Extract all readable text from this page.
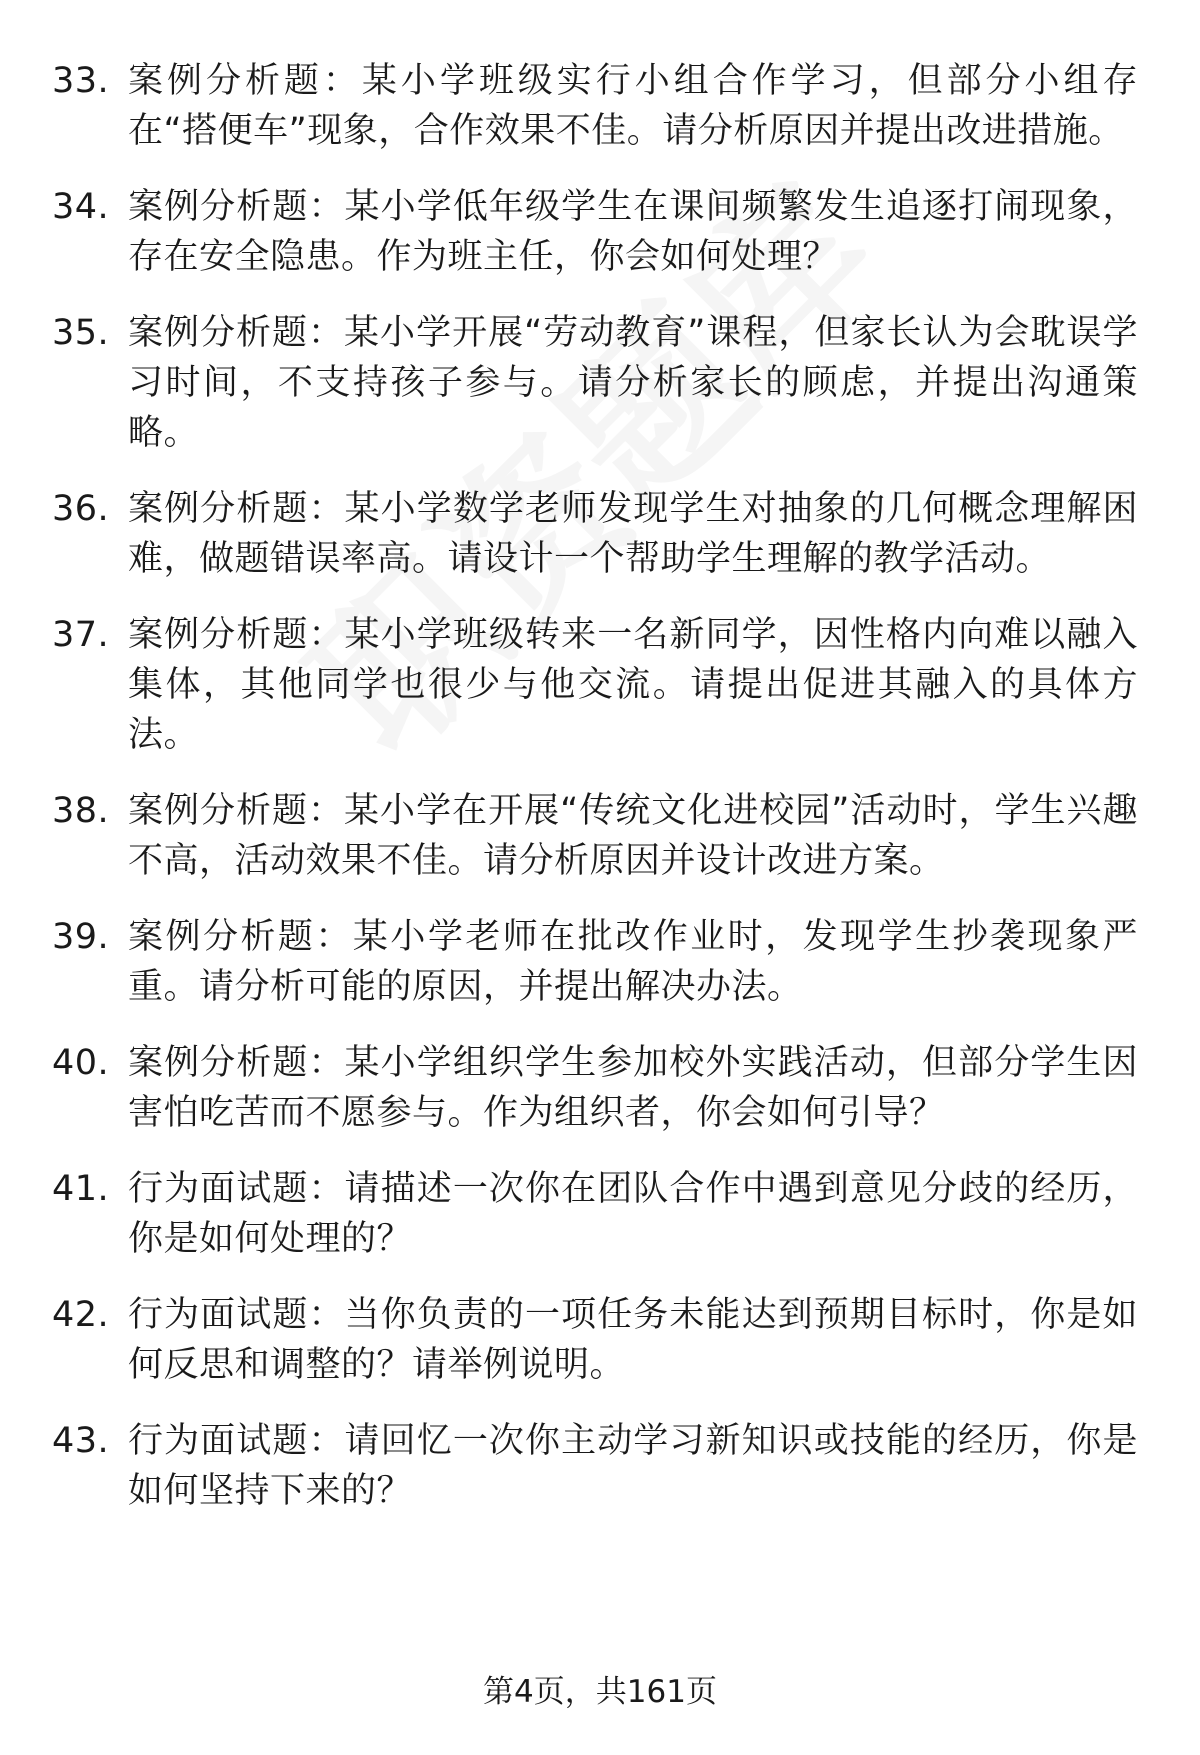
33. 案例分析题：某小学班级实行小组合作学习，但部分小组存在“搭便车”现象，合作效果不佳。请分析原因并提出改进措施。
34. 案例分析题：某小学低年级学生在课间频繁发生追逐打闹现象，存在安全隐患。作为班主任，你会如何处理？
35. 案例分析题：某小学开展“劳动教育”课程，但家长认为会耽误学习时间，不支持孩子参与。请分析家长的顾虑，并提出沟通策略。
36. 案例分析题：某小学数学老师发现学生对抽象的几何概念理解困难，做题错误率高。请设计一个帮助学生理解的教学活动。
37. 案例分析题：某小学班级转来一名新同学，因性格内向难以融入集体，其他同学也很少与他交流。请提出促进其融入的具体方法。
38. 案例分析题：某小学在开展“传统文化进校园”活动时，学生兴趣不高，活动效果不佳。请分析原因并设计改进方案。
39. 案例分析题：某小学老师在批改作业时，发现学生抄袭现象严重。请分析可能的原因，并提出解决办法。
40. 案例分析题：某小学组织学生参加校外实践活动，但部分学生因害怕吃苦而不愿参与。作为组织者，你会如何引导？
41. 行为面试题：请描述一次你在团队合作中遇到意见分歧的经历，你是如何处理的？
42. 行为面试题：当你负责的一项任务未能达到预期目标时，你是如何反思和调整的？请举例说明。
43. 行为面试题：请回忆一次你主动学习新知识或技能的经历，你是如何坚持下来的？
第4页，共161页
